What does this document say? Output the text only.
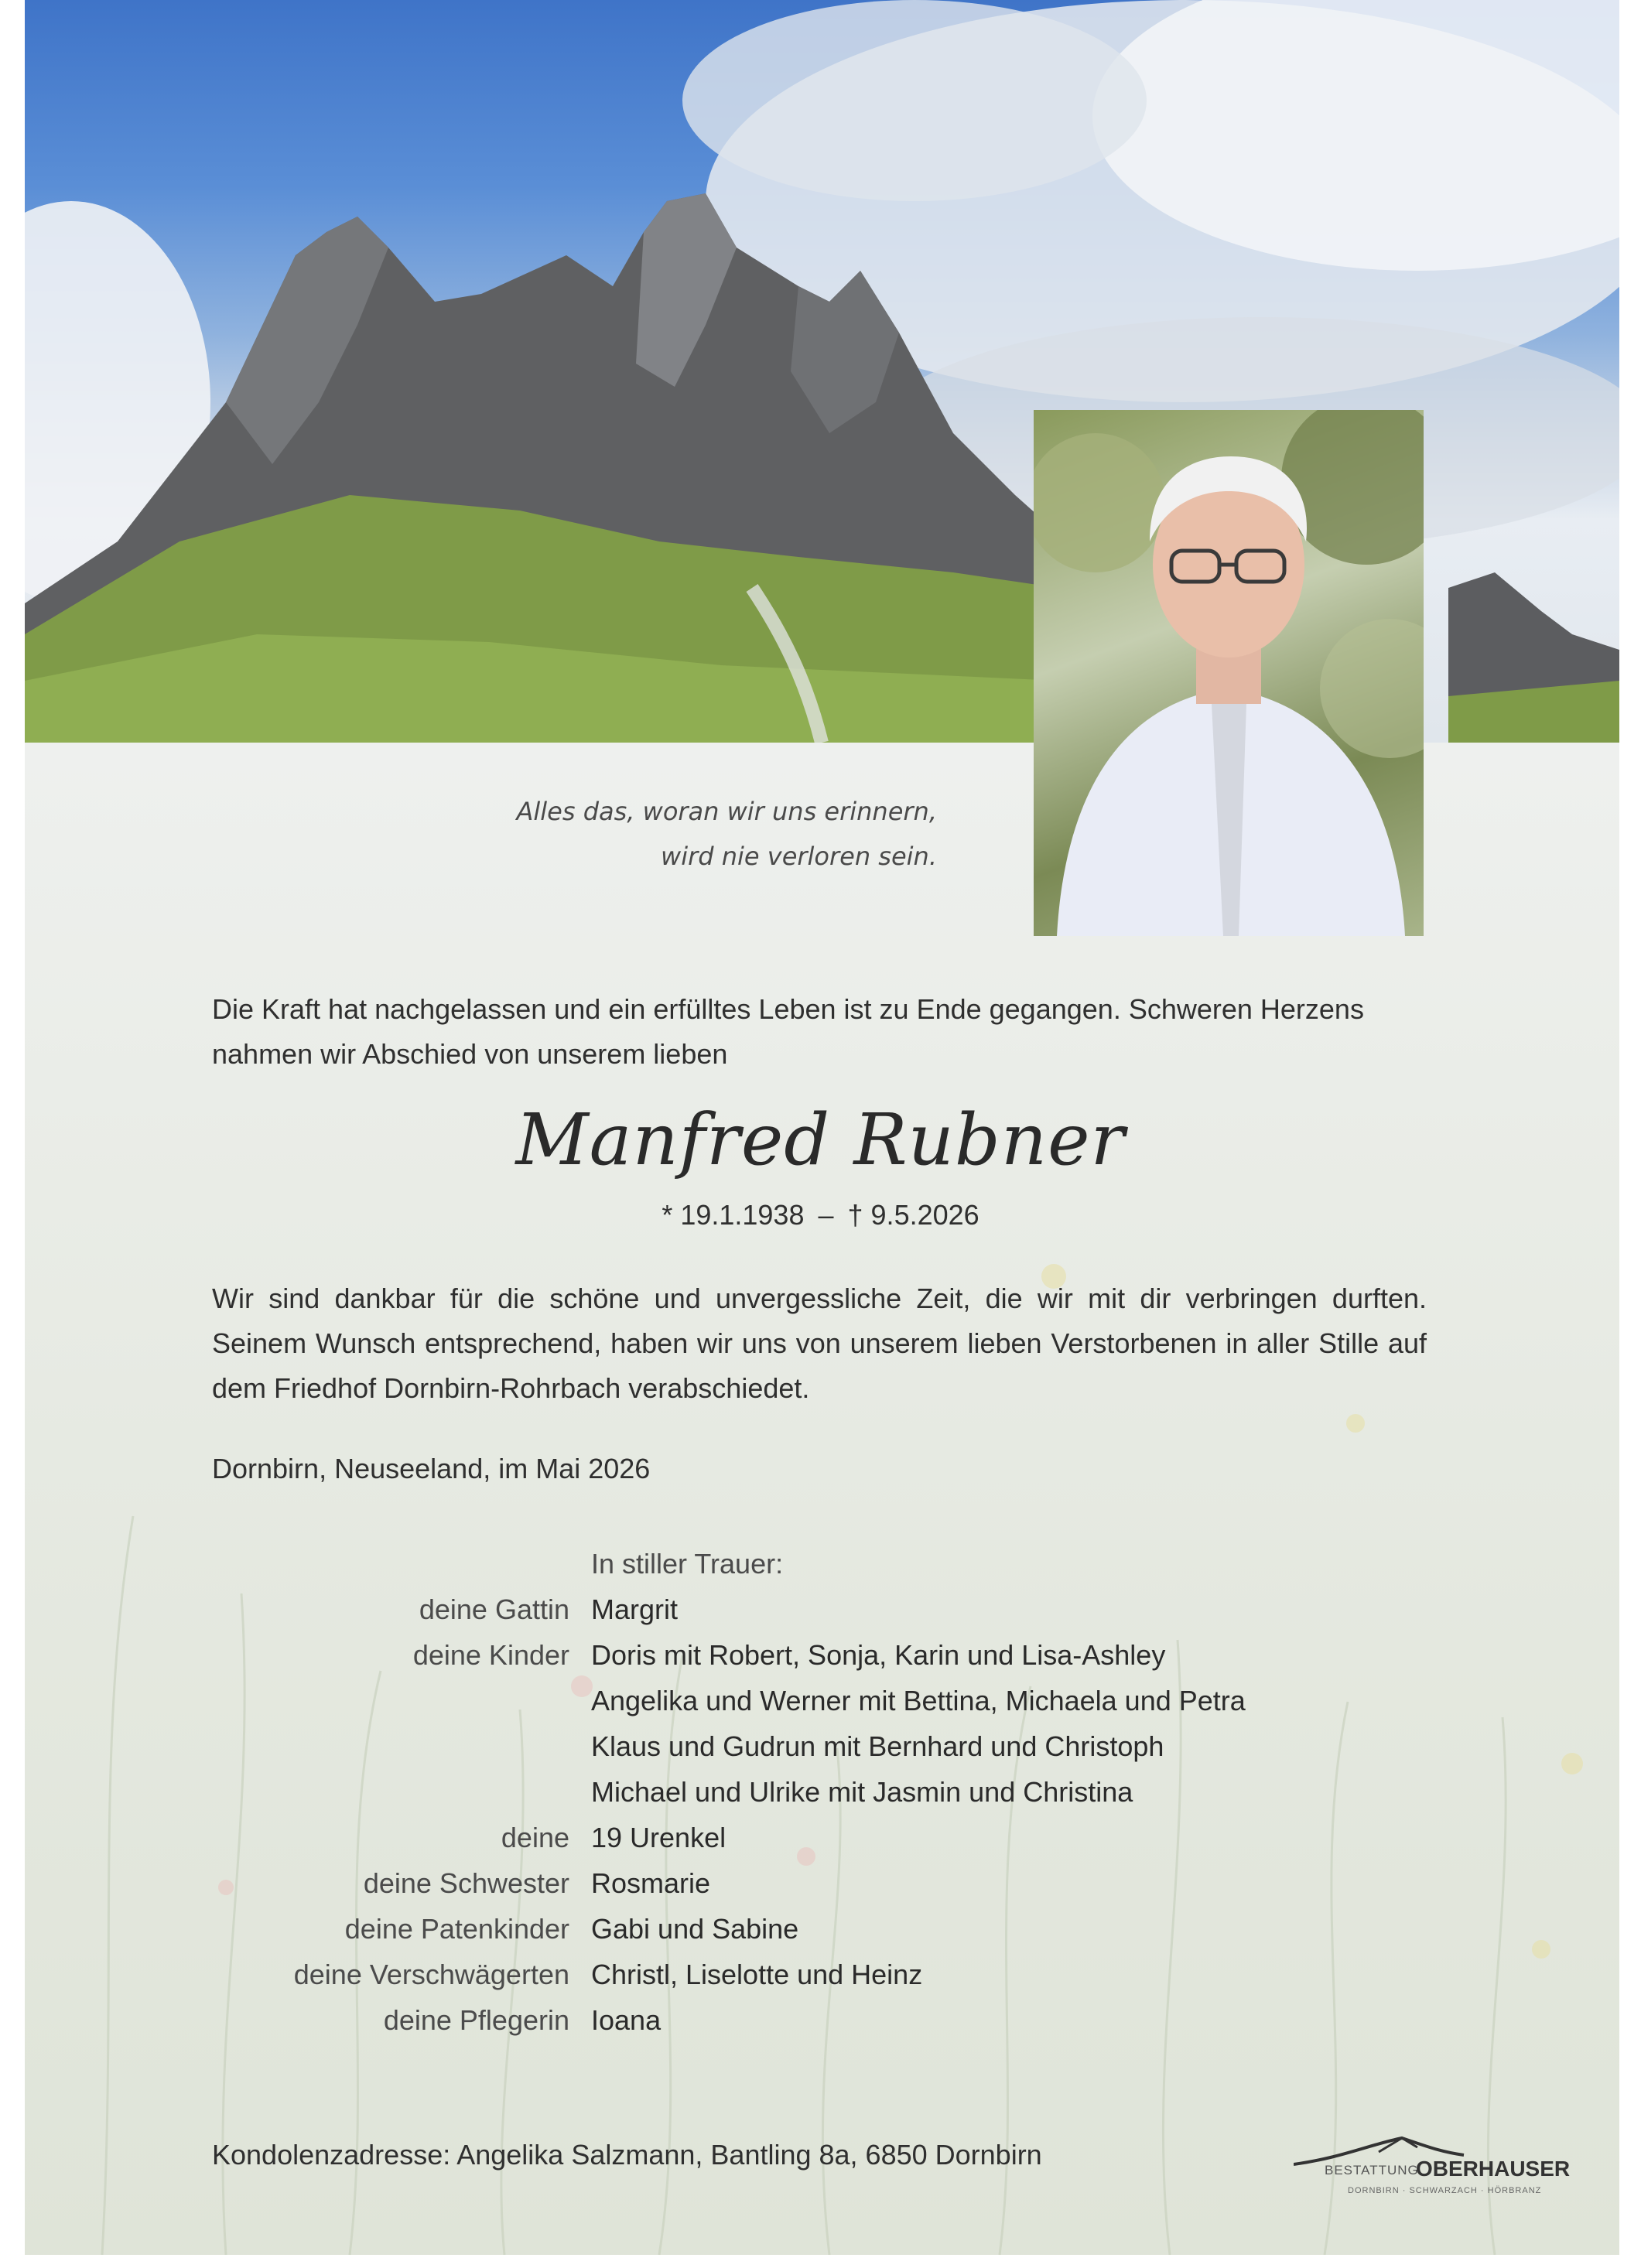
Alles das, woran wir uns erinnern,
wird nie verloren sein.
Die Kraft hat nachgelassen und ein erfülltes Leben ist zu Ende gegangen. Schweren Herzens nahmen wir Abschied von unserem lieben
Manfred Rubner
* 19.1.1938 – † 9.5.2026
Wir sind dankbar für die schöne und unvergessliche Zeit, die wir mit dir verbringen durften. Seinem Wunsch entsprechend, haben wir uns von unserem lieben Verstorbenen in aller Stille auf dem Friedhof Dornbirn-Rohrbach verabschiedet.
Dornbirn, Neuseeland, im Mai 2026
In stiller Trauer:
deine Gattin Margrit
deine Kinder Doris mit Robert, Sonja, Karin und Lisa-Ashley
Angelika und Werner mit Bettina, Michaela und Petra
Klaus und Gudrun mit Bernhard und Christoph
Michael und Ulrike mit Jasmin und Christina
deine 19 Urenkel
deine Schwester Rosmarie
deine Patenkinder Gabi und Sabine
deine Verschwägerten Christl, Liselotte und Heinz
deine Pflegerin Ioana
Kondolenzadresse: Angelika Salzmann, Bantling 8a, 6850 Dornbirn	BESTATTUNG
OBERHAUSER
DORNBIRN · SCHWARZACH · HÖRBRANZ
